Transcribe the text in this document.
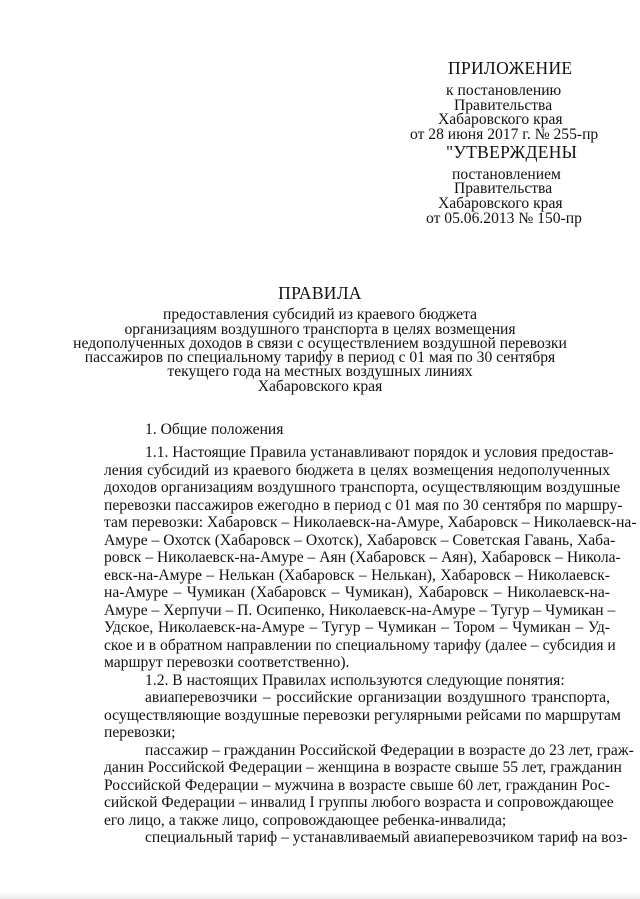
ПРИЛОЖЕНИЕ
к постановлению
Правительства
Хабаровского края
от 28 июня 2017 г. № 255-пр
"УТВЕРЖДЕНЫ
постановлением
Правительства
Хабаровского края
от 05.06.2013 № 150-пр
ПРАВИЛА
предоставления субсидий из краевого бюджета
организациям воздушного транспорта в целях возмещения
недополученных доходов в связи с осуществлением воздушной перевозки
пассажиров по специальному тарифу в период с 01 мая по 30 сентября
текущего года на местных воздушных линиях
Хабаровского края
1. Общие положения
1.1. Настоящие Правила устанавливают порядок и условия предостав-
ления субсидий из краевого бюджета в целях возмещения недополученных
доходов организациям воздушного транспорта, осуществляющим воздушные
перевозки пассажиров ежегодно в период с 01 мая по 30 сентября по маршру-
там перевозки: Хабаровск – Николаевск-на-Амуре, Хабаровск – Николаевск-на-
Амуре – Охотск (Хабаровск – Охотск), Хабаровск – Советская Гавань, Хаба-
ровск – Николаевск-на-Амуре – Аян (Хабаровск – Аян), Хабаровск – Никола-
евск-на-Амуре – Нелькан (Хабаровск – Нелькан), Хабаровск – Николаевск-
на-Амуре – Чумикан (Хабаровск – Чумикан), Хабаровск – Николаевск-на-
Амуре – Херпучи – П. Осипенко, Николаевск-на-Амуре – Тугур – Чумикан –
Удское, Николаевск-на-Амуре – Тугур – Чумикан – Тором – Чумикан – Уд-
ское и в обратном направлении по специальному тарифу (далее – субсидия и
маршрут перевозки соответственно).
1.2. В настоящих Правилах используются следующие понятия:
авиаперевозчики – российские организации воздушного транспорта,
осуществляющие воздушные перевозки регулярными рейсами по маршрутам
перевозки;
пассажир – гражданин Российской Федерации в возрасте до 23 лет, граж-
данин Российской Федерации – женщина в возрасте свыше 55 лет, гражданин
Российской Федерации – мужчина в возрасте свыше 60 лет, гражданин Рос-
сийской Федерации – инвалид I группы любого возраста и сопровождающее
его лицо, а также лицо, сопровождающее ребенка-инвалида;
специальный тариф – устанавливаемый авиаперевозчиком тариф на воз-
